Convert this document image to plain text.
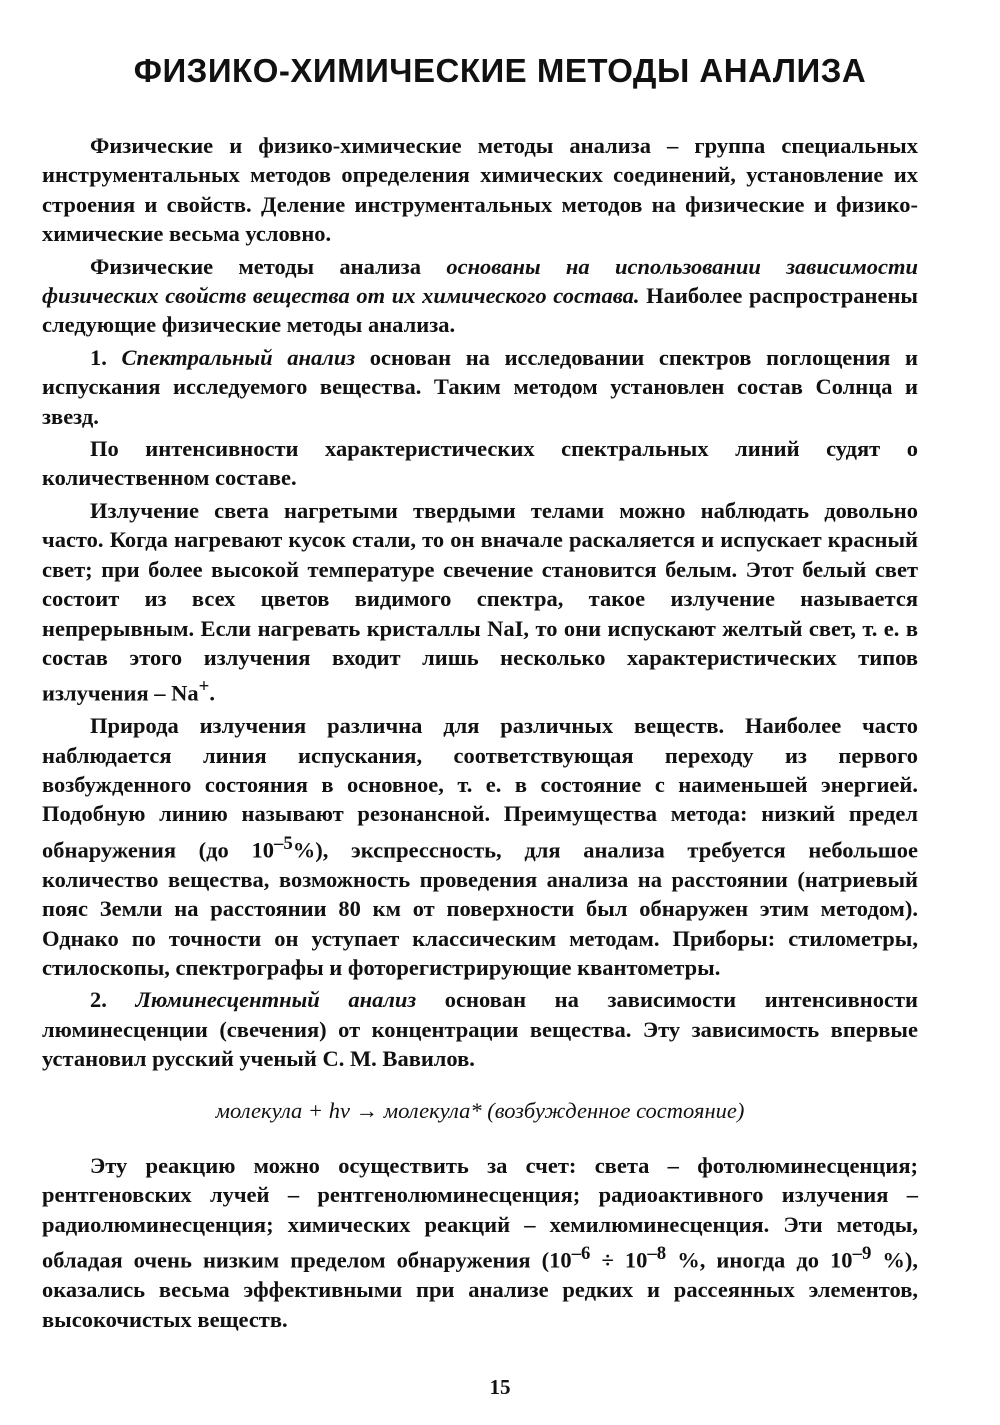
ФИЗИКО-ХИМИЧЕСКИЕ МЕТОДЫ АНАЛИЗА

Физические и физико-химические методы анализа – группа специальных инструментальных методов определения химических соединений, установление их строения и свойств. Деление инструментальных методов на физические и физико-химические весьма условно.

Физические методы анализа основаны на использовании зависимости физических свойств вещества от их химического состава. Наиболее распространены следующие физические методы анализа.

1. Спектральный анализ основан на исследовании спектров поглощения и испускания исследуемого вещества. Таким методом установлен состав Солнца и звезд.

По интенсивности характеристических спектральных линий судят о количественном составе.

Излучение света нагретыми твердыми телами можно наблюдать довольно часто. Когда нагревают кусок стали, то он вначале раскаляется и испускает красный свет; при более высокой температуре свечение становится белым. Этот белый свет состоит из всех цветов видимого спектра, такое излучение называется непрерывным. Если нагревать кристаллы NaI, то они испускают желтый свет, т. е. в состав этого излучения входит лишь несколько характеристических типов излучения – Na+.

Природа излучения различна для различных веществ. Наиболее часто наблюдается линия испускания, соответствующая переходу из первого возбужденного состояния в основное, т. е. в состояние с наименьшей энергией. Подобную линию называют резонансной. Преимущества метода: низкий предел обнаружения (до $10^{-5}\%$), экспрессность, для анализа требуется небольшое количество вещества, возможность проведения анализа на расстоянии (натриевый пояс Земли на расстоянии 80 км от поверхности был обнаружен этим методом). Однако по точности он уступает классическим методам. Приборы: стилометры, стилоскопы, спектрографы и фоторегистрирующие квантометры.

2. Люминесцентный анализ основан на зависимости интенсивности люминесценции (свечения) от концентрации вещества. Эту зависимость впервые установил русский ученый С. М. Вавилов.

молекула + hν → молекула* (возбужденное состояние)

Эту реакцию можно осуществить за счет: света – фотолюминесценция; рентгеновских лучей – рентгенолюминесценция; радиоактивного излучения – радиолюминесценция; химических реакций – хемилюминесценция. Эти методы, обладая очень низким пределом обнаружения ($10^{-6} \div 10^{-8}$ %, иногда до $10^{-9}$ %), оказались весьма эффективными при анализе редких и рассеянных элементов, высокочистых веществ.

15
